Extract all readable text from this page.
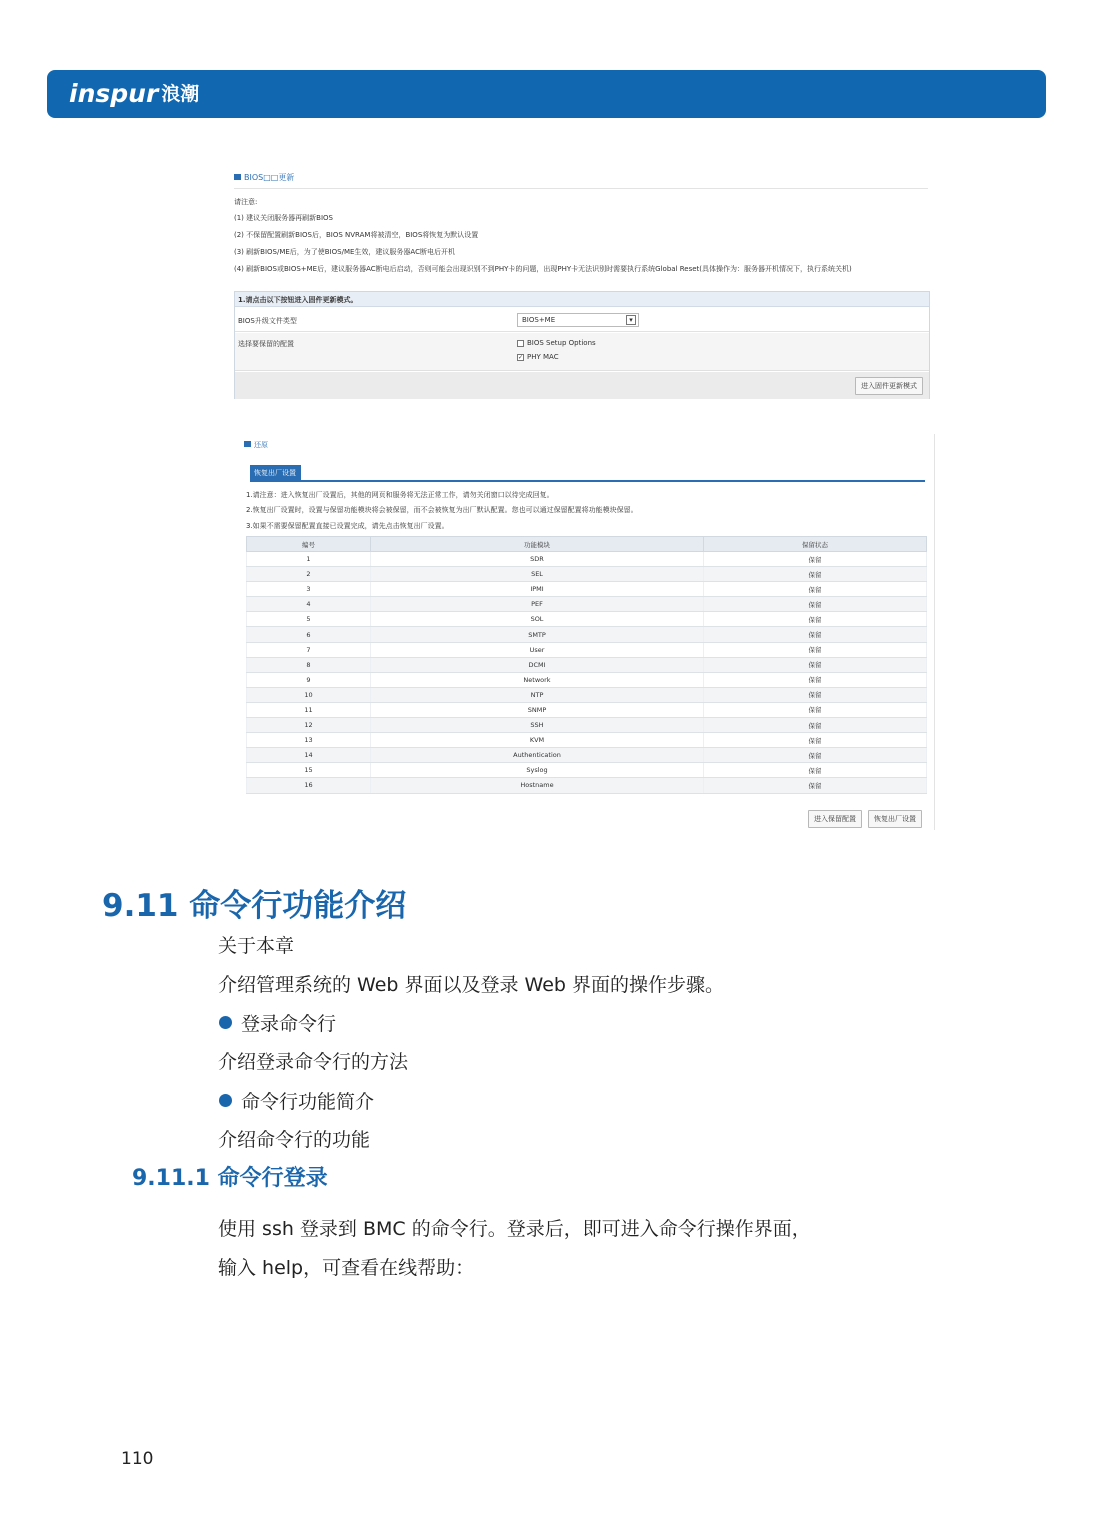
inspur 浪潮
BIOS□□更新
请注意:
(1) 建议关闭服务器再刷新BIOS
(2) 不保留配置刷新BIOS后，BIOS NVRAM将被清空，BIOS将恢复为默认设置
(3) 刷新BIOS/ME后，为了使BIOS/ME生效，建议服务器AC断电后开机
(4) 刷新BIOS或BIOS+ME后，建议服务器AC断电后启动，否则可能会出现识别不到PHY卡的问题，出现PHY卡无法识别时需要执行系统Global Reset(具体操作为：服务器开机情况下，执行系统关机)
1.请点击以下按钮进入固件更新模式。
BIOS升级文件类型	BIOS+ME	▾
选择要保留的配置	BIOS Setup Options
✓ PHY MAC
进入固件更新模式
还原
恢复出厂设置
1.请注意：进入恢复出厂设置后，其他的网页和服务将无法正常工作，请勿关闭窗口以待完成回复。
2.恢复出厂设置时，设置与保留功能模块将会被保留，而不会被恢复为出厂默认配置。您也可以通过保留配置将功能模块保留。
3.如果不需要保留配置直接已设置完成，请先点击恢复出厂设置。
编号	功能模块	保留状态
1	SDR	保留
2	SEL	保留
3	IPMI	保留
4	PEF	保留
5	SOL	保留
6	SMTP	保留
7	User	保留
8	DCMI	保留
9	Network	保留
10	NTP	保留
11	SNMP	保留
12	SSH	保留
13	KVM	保留
14	Authentication	保留
15	Syslog	保留
16	Hostname	保留
进入保留配置	恢复出厂设置
9.11 命令行功能介绍
关于本章
介绍管理系统的 Web 界面以及登录 Web 界面的操作步骤。
登录命令行
介绍登录命令行的方法
命令行功能简介
介绍命令行的功能
9.11.1 命令行登录
使用 ssh 登录到 BMC 的命令行。登录后，即可进入命令行操作界面，
输入 help，可查看在线帮助：
110
